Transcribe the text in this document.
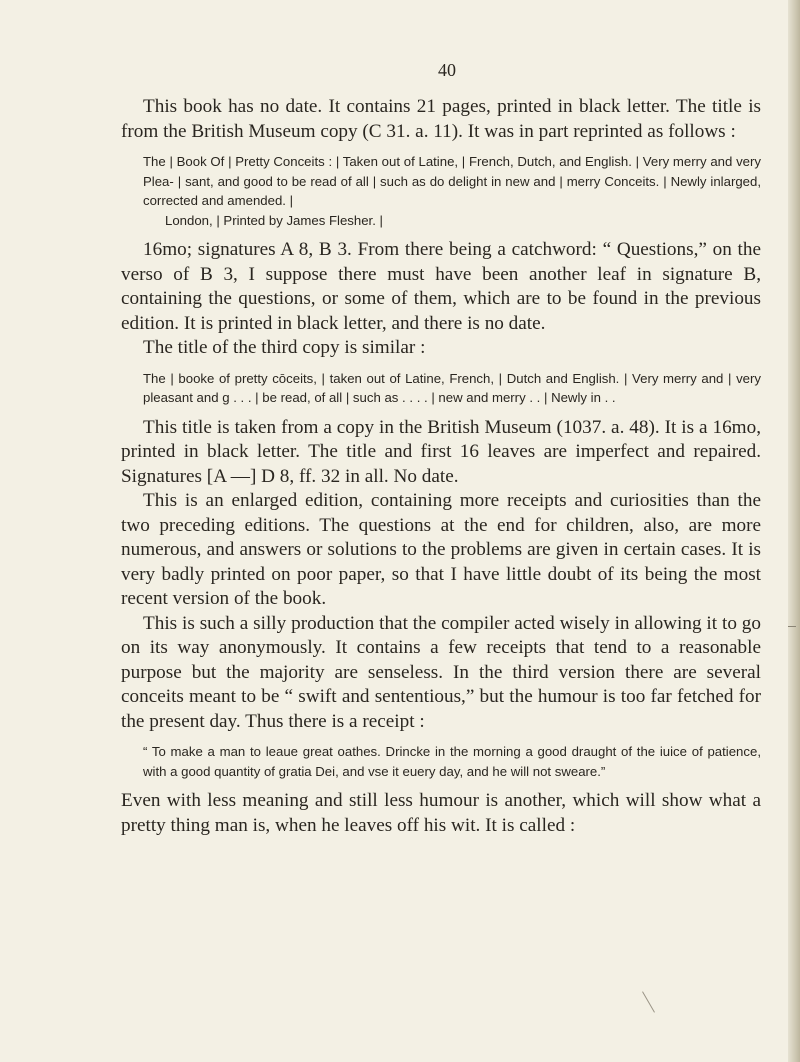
40

This book has no date. It contains 21 pages, printed in black letter. The title is from the British Museum copy (C 31. a. 11). It was in part reprinted as follows :

The | Book Of | Pretty Conceits : | Taken out of Latine, | French, Dutch, and English. | Very merry and very Plea- | sant, and good to be read of all | such as do delight in new and | merry Conceits. | Newly inlarged, corrected and amended. |
London, | Printed by James Flesher. |

16mo; signatures A 8, B 3. From there being a catchword: “ Questions,” on the verso of B 3, I suppose there must have been another leaf in signature B, containing the questions, or some of them, which are to be found in the previous edition. It is printed in black letter, and there is no date.

The title of the third copy is similar :

The | booke of pretty cōceits, | taken out of Latine, French, | Dutch and English. | Very merry and | very pleasant and g . . . | be read, of all | such as . . . . | new and merry . . | Newly in . .

This title is taken from a copy in the British Museum (1037. a. 48). It is a 16mo, printed in black letter. The title and first 16 leaves are imperfect and repaired. Signatures [A —] D 8, ff. 32 in all. No date.

This is an enlarged edition, containing more receipts and curiosities than the two preceding editions. The questions at the end for children, also, are more numerous, and answers or solutions to the problems are given in certain cases. It is very badly printed on poor paper, so that I have little doubt of its being the most recent version of the book.

This is such a silly production that the compiler acted wisely in allowing it to go on its way anonymously. It contains a few receipts that tend to a reasonable purpose but the majority are senseless. In the third version there are several conceits meant to be “ swift and sententious,” but the humour is too far fetched for the present day. Thus there is a receipt :

“ To make a man to leaue great oathes. Drincke in the morning a good draught of the iuice of patience, with a good quantity of gratia Dei, and vse it euery day, and he will not sweare.”

Even with less meaning and still less humour is another, which will show what a pretty thing man is, when he leaves off his wit. It is called :
